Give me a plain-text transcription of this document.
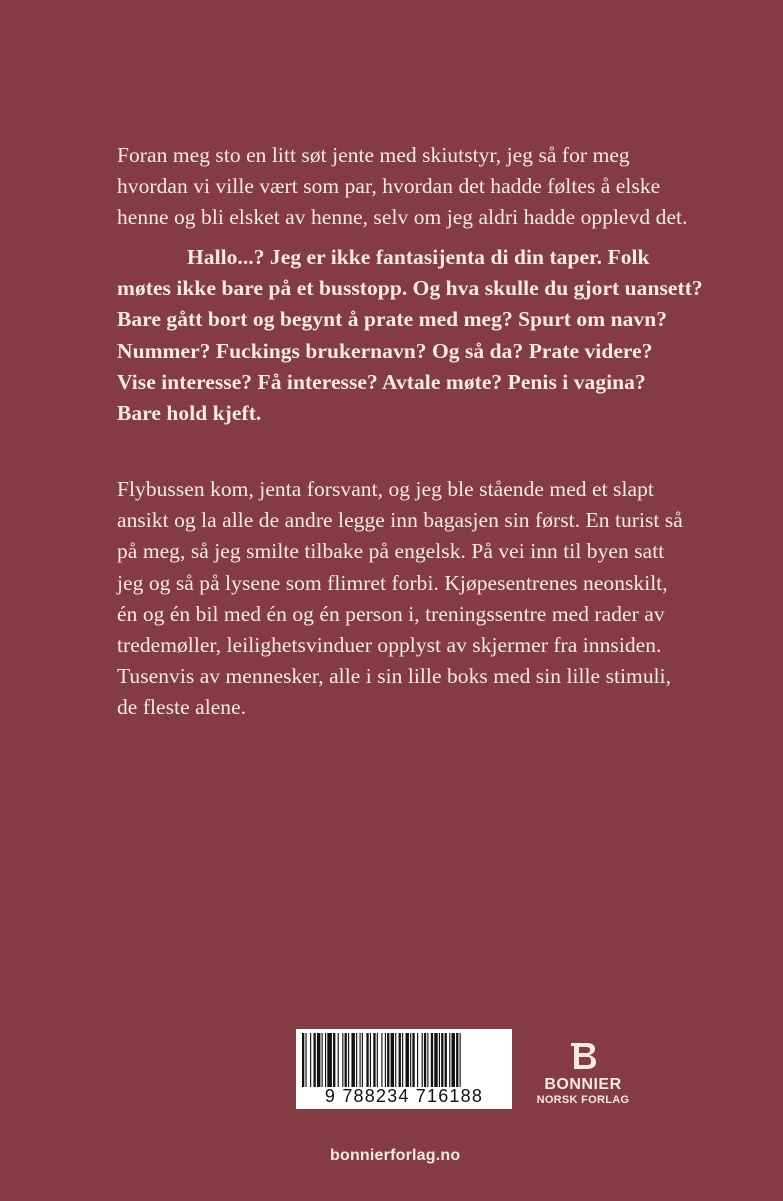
Foran meg sto en litt søt jente med skiutstyr, jeg så for meg
hvordan vi ville vært som par, hvordan det hadde føltes å elske
henne og bli elsket av henne, selv om jeg aldri hadde opplevd det.
Hallo...? Jeg er ikke fantasijenta di din taper. Folk
møtes ikke bare på et busstopp. Og hva skulle du gjort uansett?
Bare gått bort og begynt å prate med meg? Spurt om navn?
Nummer? Fuckings brukernavn? Og så da? Prate videre?
Vise interesse? Få interesse? Avtale møte? Penis i vagina?
Bare hold kjeft.
Flybussen kom, jenta forsvant, og jeg ble stående med et slapt
ansikt og la alle de andre legge inn bagasjen sin først. En turist så
på meg, så jeg smilte tilbake på engelsk. På vei inn til byen satt
jeg og så på lysene som flimret forbi. Kjøpesentrenes neonskilt,
én og én bil med én og én person i, treningssentre med rader av
tredemøller, leilighetsvinduer opplyst av skjermer fra innsiden.
Tusenvis av mennesker, alle i sin lille boks med sin lille stimuli,
de fleste alene.
9 788234 716188
BONNIER
NORSK FORLAG
bonnierforlag.no
